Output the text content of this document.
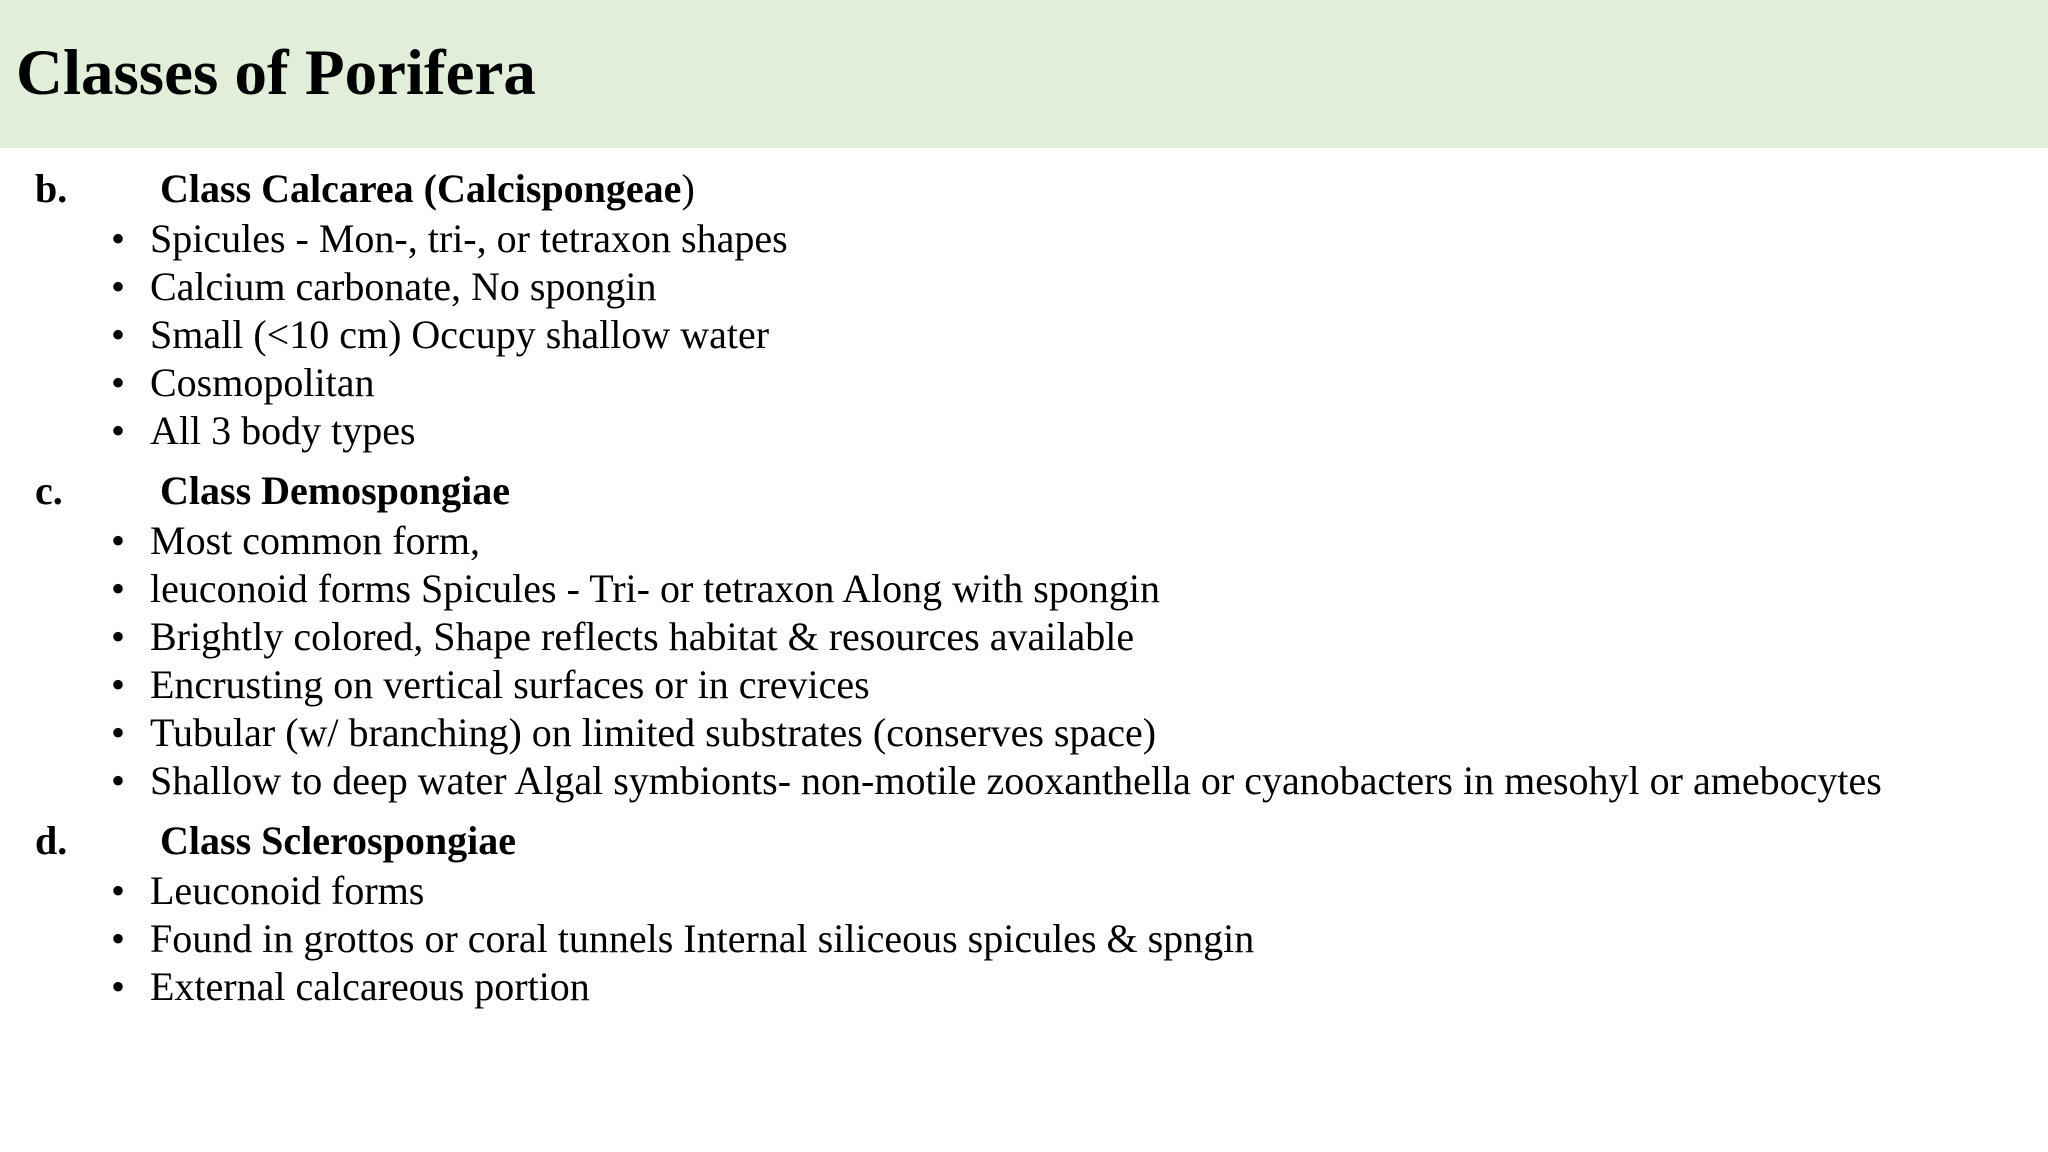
Classes of Porifera
b. Class Calcarea (Calcispongeae)
• Spicules - Mon-, tri-, or tetraxon shapes
• Calcium carbonate, No spongin
• Small (<10 cm) Occupy shallow water
• Cosmopolitan
• All 3 body types
c. Class Demospongiae
• Most common form,
• leuconoid forms Spicules - Tri- or tetraxon Along with spongin
• Brightly colored, Shape reflects habitat & resources available
• Encrusting on vertical surfaces or in crevices
• Tubular (w/ branching) on limited substrates (conserves space)
• Shallow to deep water Algal symbionts- non-motile zooxanthella or cyanobacters in mesohyl or amebocytes
d. Class Sclerospongiae
• Leuconoid forms
• Found in grottos or coral tunnels Internal siliceous spicules & spngin
• External calcareous portion
